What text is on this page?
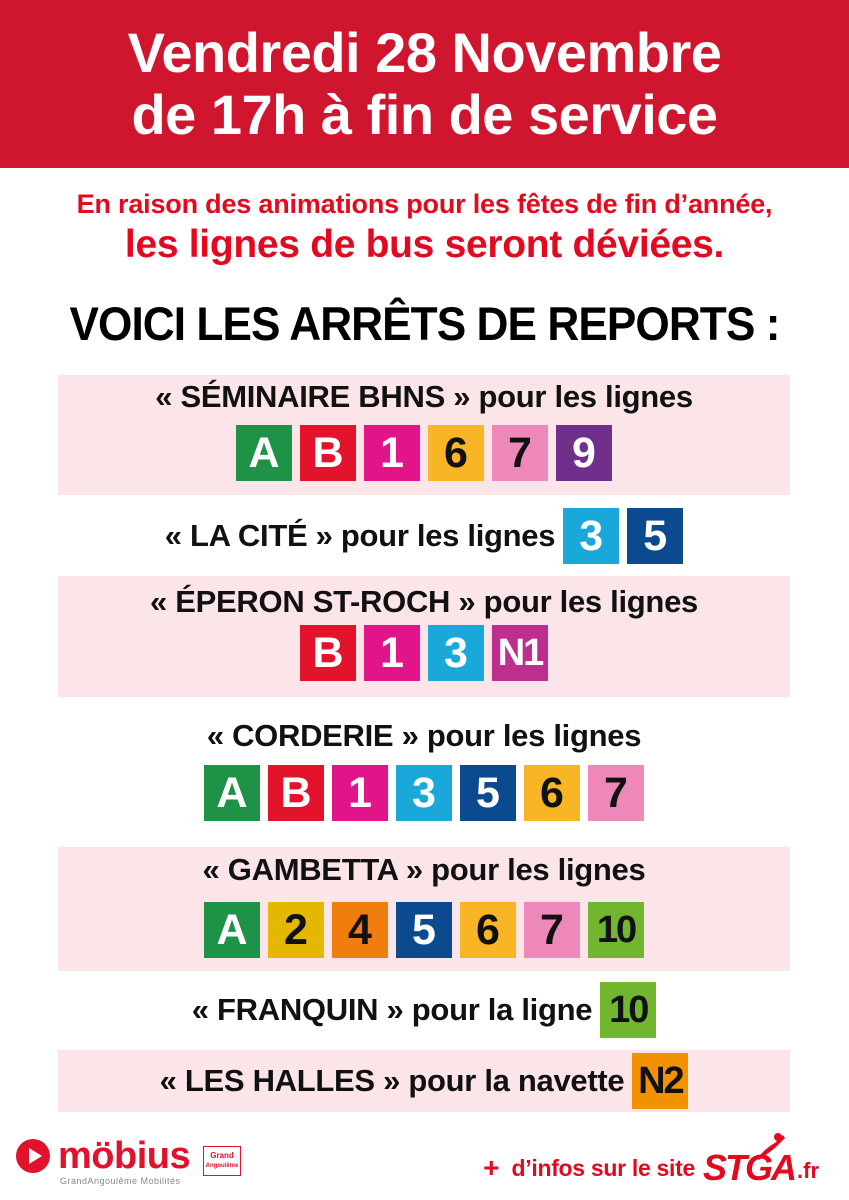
Vendredi 28 Novembre
de 17h à fin de service
En raison des animations pour les fêtes de fin d’année,
les lignes de bus seront déviées.
VOICI LES ARRÊTS DE REPORTS :
« SÉMINAIRE BHNS » pour les lignes
A B 1 6 7 9
« LA CITÉ » pour les lignes 3 5
« ÉPERON ST-ROCH » pour les lignes
B 1 3 N1
« CORDERIE » pour les lignes
A B 1 3 5 6 7
« GAMBETTA » pour les lignes
A 2 4 5 6 7 10
« FRANQUIN » pour la ligne 10
« LES HALLES » pour la navette N2
möbius
GrandAngoulême Mobilités
Grand
Angoulême	+ d’infos sur le site STGA .fr
